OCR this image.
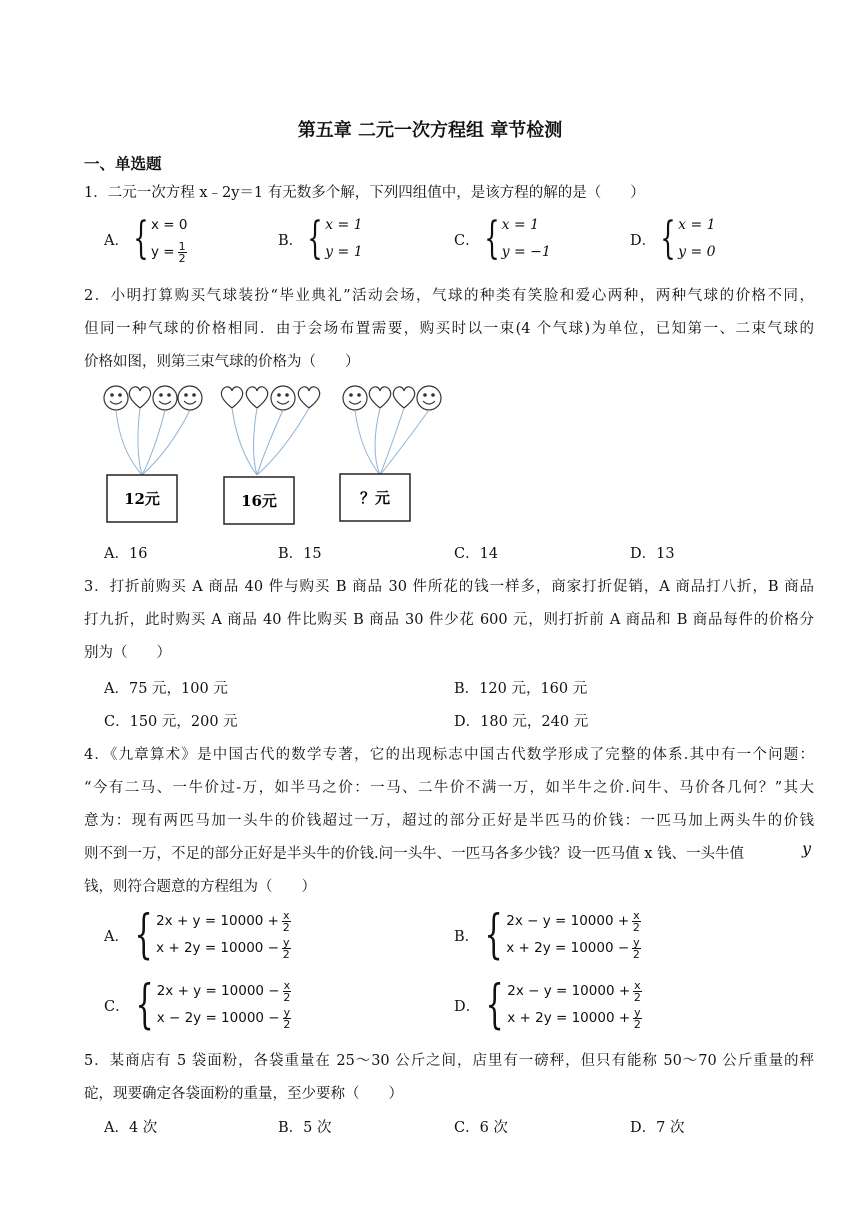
第五章 二元一次方程组 章节检测
一、单选题
1．二元一次方程 x﹣2y＝1 有无数多个解，下列四组值中，是该方程的解的是（　　）
A． { x = 0
$y = \frac{1}{2}$
B． { x = 1
y = 1
C． { x = 1
y = −1
D． { x = 1
y = 0
2．小明打算购买气球装扮“毕业典礼”活动会场，气球的种类有笑脸和爱心两种，两种气球的价格不同，
但同一种气球的价格相同．由于会场布置需要，购买时以一束(4 个气球)为单位，已知第一、二束气球的
价格如图，则第三束气球的价格为（　　）
12元	16元	？元
A．16	B．15	C．14	D．13
3．打折前购买 A 商品 40 件与购买 B 商品 30 件所花的钱一样多，商家打折促销，A 商品打八折，B 商品
打九折，此时购买 A 商品 40 件比购买 B 商品 30 件少花 600 元，则打折前 A 商品和 B 商品每件的价格分
别为（　　）
A．75 元，100 元	B．120 元，160 元
C．150 元，200 元	D．180 元，240 元
4．《九章算术》是中国古代的数学专著，它的出现标志中国古代数学形成了完整的体系.其中有一个问题：
“今有二马、一牛价过-万，如半马之价：一马、二牛价不满一万，如半牛之价.问牛、马价各几何？”其大
意为：现有两匹马加一头牛的价钱超过一万，超过的部分正好是半匹马的价钱：一匹马加上两头牛的价钱
则不到一万，不足的部分正好是半头牛的价钱.问一头牛、一匹马各多少钱？设一匹马值 x 钱、一头牛值	y
钱，则符合题意的方程组为（　　）
A． { $2x + y = 10000 + \frac{x}{2}$
$x + 2y = 10000 - \frac{y}{2}$
B． { $2x - y = 10000 + \frac{x}{2}$
$x + 2y = 10000 - \frac{y}{2}$
C． { $2x + y = 10000 - \frac{x}{2}$
$x - 2y = 10000 - \frac{y}{2}$
D． { $2x - y = 10000 + \frac{x}{2}$
$x + 2y = 10000 + \frac{y}{2}$
5．某商店有 5 袋面粉，各袋重量在 25～30 公斤之间，店里有一磅秤，但只有能称 50～70 公斤重量的秤
砣，现要确定各袋面粉的重量，至少要称（　　）
A．4 次	B．5 次	C．6 次	D．7 次
